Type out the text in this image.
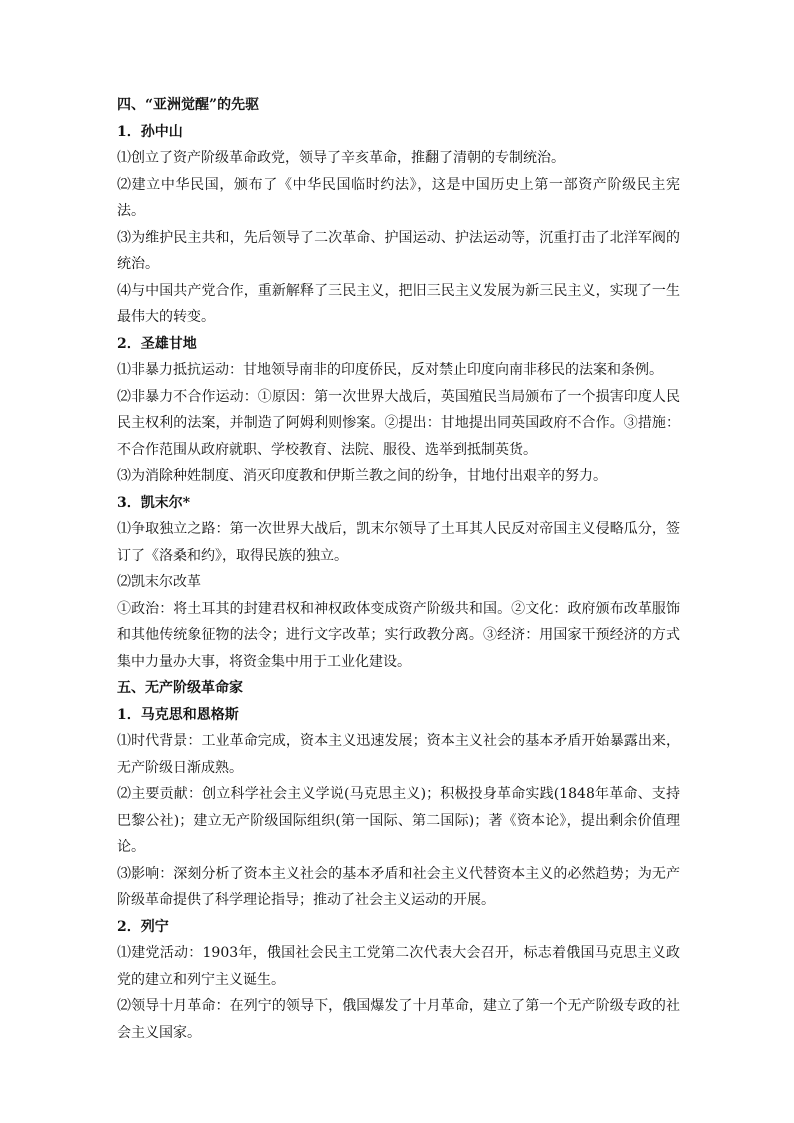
四、“亚洲觉醒”的先驱
1．孙中山
⑴创立了资产阶级革命政党，领导了辛亥革命，推翻了清朝的专制统治。
⑵建立中华民国，颁布了《中华民国临时约法》，这是中国历史上第一部资产阶级民主宪法。
⑶为维护民主共和，先后领导了二次革命、护国运动、护法运动等，沉重打击了北洋军阀的统治。
⑷与中国共产党合作，重新解释了三民主义，把旧三民主义发展为新三民主义，实现了一生最伟大的转变。
2．圣雄甘地
⑴非暴力抵抗运动：甘地领导南非的印度侨民，反对禁止印度向南非移民的法案和条例。
⑵非暴力不合作运动：①原因：第一次世界大战后，英国殖民当局颁布了一个损害印度人民民主权利的法案，并制造了阿姆利则惨案。②提出：甘地提出同英国政府不合作。③措施：不合作范围从政府就职、学校教育、法院、服役、选举到抵制英货。
⑶为消除种姓制度、消灭印度教和伊斯兰教之间的纷争，甘地付出艰辛的努力。
3．凯末尔*
⑴争取独立之路：第一次世界大战后，凯末尔领导了土耳其人民反对帝国主义侵略瓜分，签订了《洛桑和约》，取得民族的独立。
⑵凯末尔改革
①政治：将土耳其的封建君权和神权政体变成资产阶级共和国。②文化：政府颁布改革服饰和其他传统象征物的法令；进行文字改革；实行政教分离。③经济：用国家干预经济的方式集中力量办大事，将资金集中用于工业化建设。
五、无产阶级革命家
1．马克思和恩格斯
⑴时代背景：工业革命完成，资本主义迅速发展；资本主义社会的基本矛盾开始暴露出来，无产阶级日渐成熟。
⑵主要贡献：创立科学社会主义学说(马克思主义)；积极投身革命实践(1848年革命、支持巴黎公社)；建立无产阶级国际组织(第一国际、第二国际)；著《资本论》，提出剩余价值理论。
⑶影响：深刻分析了资本主义社会的基本矛盾和社会主义代替资本主义的必然趋势；为无产阶级革命提供了科学理论指导；推动了社会主义运动的开展。
2．列宁
⑴建党活动：1903年，俄国社会民主工党第二次代表大会召开，标志着俄国马克思主义政党的建立和列宁主义诞生。
⑵领导十月革命：在列宁的领导下，俄国爆发了十月革命，建立了第一个无产阶级专政的社会主义国家。
